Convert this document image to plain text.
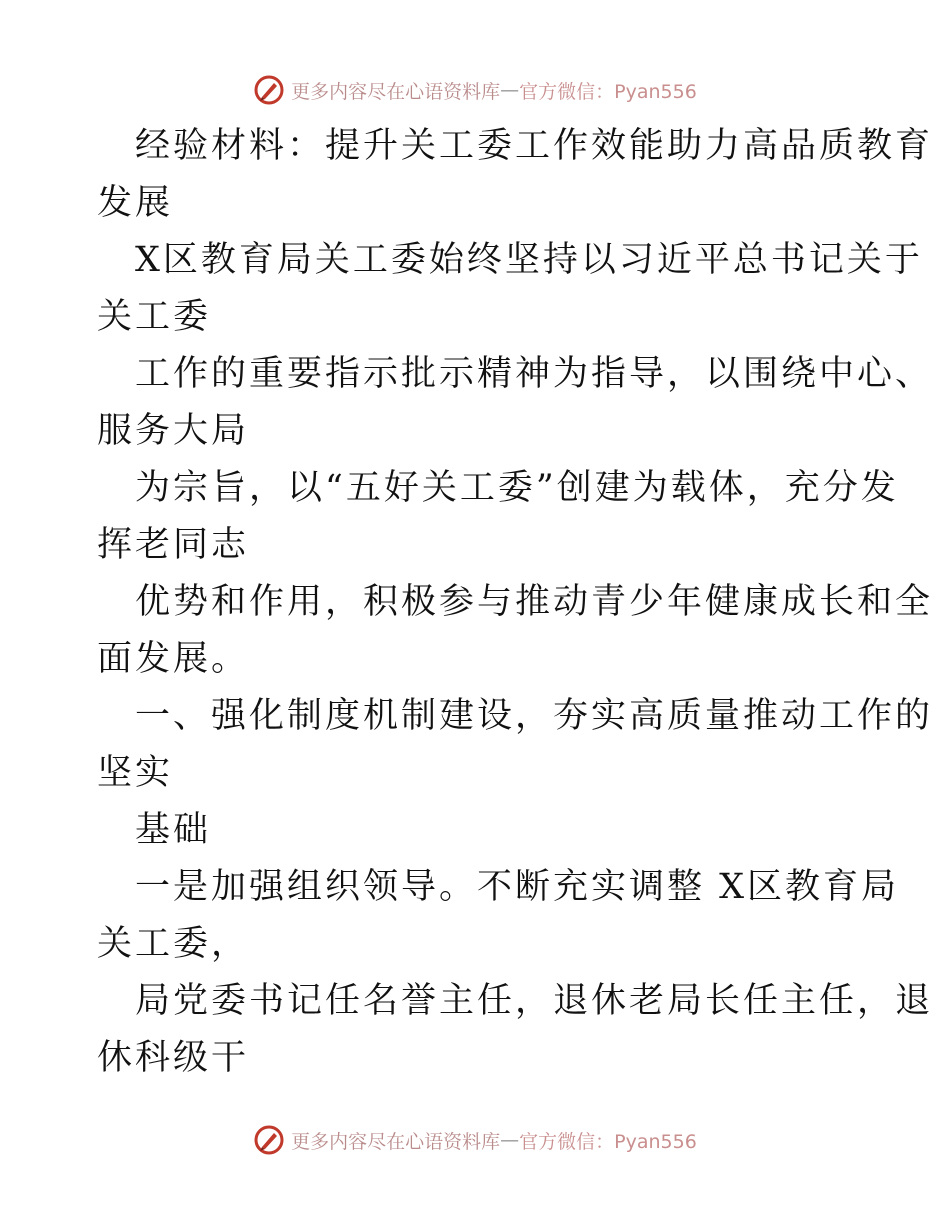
更多内容尽在心语资料库 — 官方微信：Pyan556
经验材料：提升关工委工作效能助力高品质教育
发展
X区教育局关工委始终坚持以习近平总书记关于
关工委
工作的重要指示批示精神为指导，以围绕中心、
服务大局
为宗旨，以“五好关工委”创建为载体，充分发
挥老同志
优势和作用，积极参与推动青少年健康成长和全
面发展。
一、强化制度机制建设，夯实高质量推动工作的
坚实
基础
一是加强组织领导。不断充实调整 X区教育局
关工委，
局党委书记任名誉主任，退休老局长任主任，退
休科级干
更多内容尽在心语资料库 — 官方微信：Pyan556
